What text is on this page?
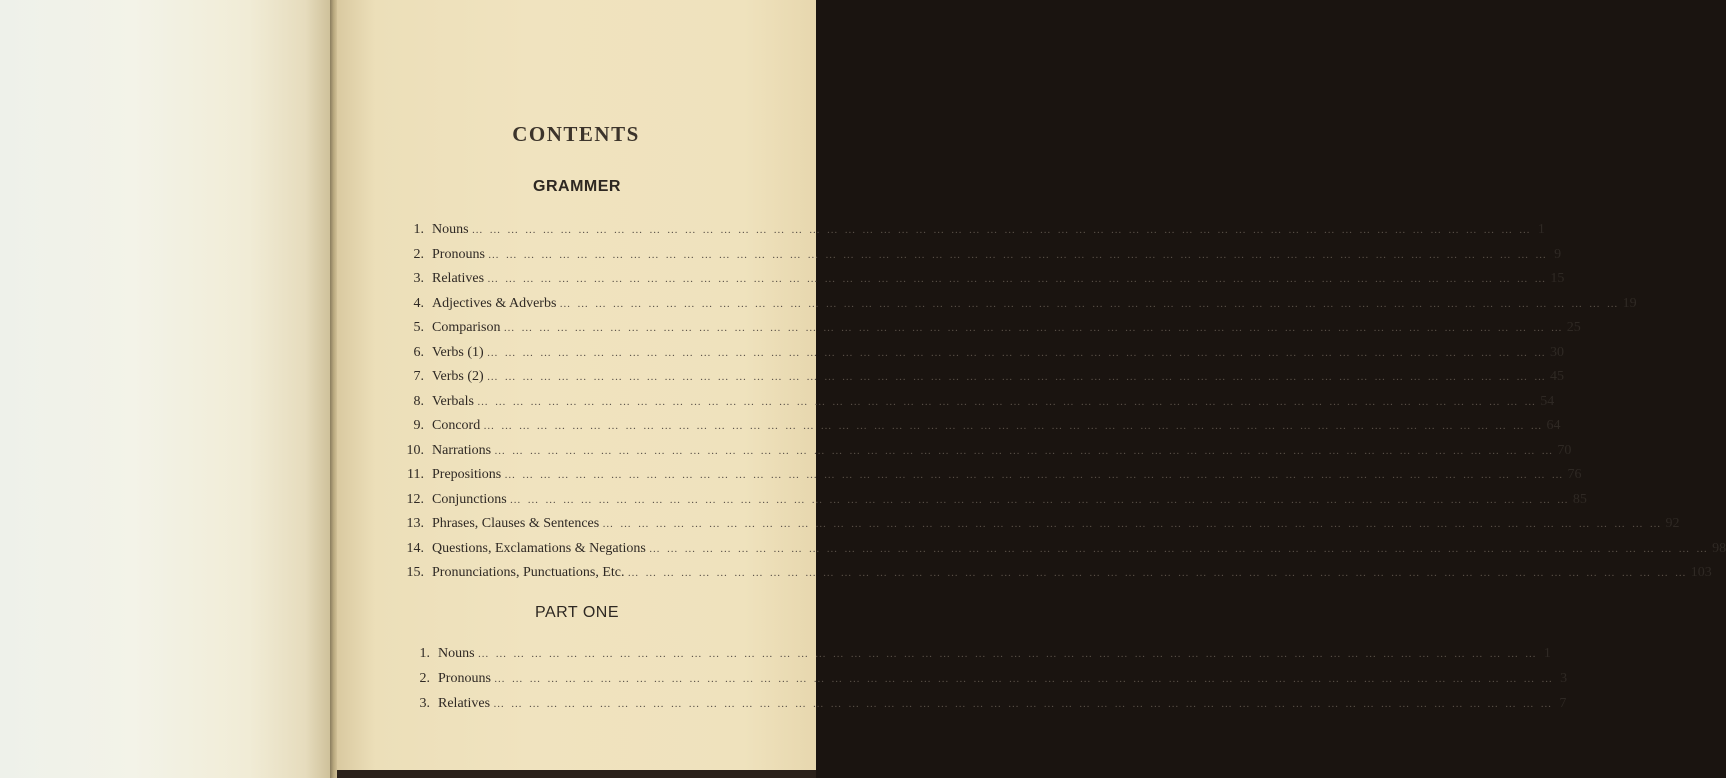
CONTENTS
GRAMMER
1. Nouns … … … … … … … … … … … … … … … … … … … … … … … … … … … … … … … … … … … … … … … … … … … … … … … … … … … … … … … … … … … … 1
2. Pronouns … … … … … … … … … … … … … … … … … … … … … … … … … … … … … … … … … … … … … … … … … … … … … … … … … … … … … … … … … … … … 9
3. Relatives … … … … … … … … … … … … … … … … … … … … … … … … … … … … … … … … … … … … … … … … … … … … … … … … … … … … … … … … … … … … 15
4. Adjectives & Adverbs … … … … … … … … … … … … … … … … … … … … … … … … … … … … … … … … … … … … … … … … … … … … … … … … … … … … … … … … … … … … 19
5. Comparison … … … … … … … … … … … … … … … … … … … … … … … … … … … … … … … … … … … … … … … … … … … … … … … … … … … … … … … … … … … … 25
6. Verbs (1) … … … … … … … … … … … … … … … … … … … … … … … … … … … … … … … … … … … … … … … … … … … … … … … … … … … … … … … … … … … … 30
7. Verbs (2) … … … … … … … … … … … … … … … … … … … … … … … … … … … … … … … … … … … … … … … … … … … … … … … … … … … … … … … … … … … … 45
8. Verbals … … … … … … … … … … … … … … … … … … … … … … … … … … … … … … … … … … … … … … … … … … … … … … … … … … … … … … … … … … … … 54
9. Concord … … … … … … … … … … … … … … … … … … … … … … … … … … … … … … … … … … … … … … … … … … … … … … … … … … … … … … … … … … … … 64
10. Narrations … … … … … … … … … … … … … … … … … … … … … … … … … … … … … … … … … … … … … … … … … … … … … … … … … … … … … … … … … … … … 70
11. Prepositions … … … … … … … … … … … … … … … … … … … … … … … … … … … … … … … … … … … … … … … … … … … … … … … … … … … … … … … … … … … … 76
12. Conjunctions … … … … … … … … … … … … … … … … … … … … … … … … … … … … … … … … … … … … … … … … … … … … … … … … … … … … … … … … … … … … 85
13. Phrases, Clauses & Sentences … … … … … … … … … … … … … … … … … … … … … … … … … … … … … … … … … … … … … … … … … … … … … … … … … … … … … … … … … … … … 92
14. Questions, Exclamations & Negations … … … … … … … … … … … … … … … … … … … … … … … … … … … … … … … … … … … … … … … … … … … … … … … … … … … … … … … … … … … … 98
15. Pronunciations, Punctuations, Etc. … … … … … … … … … … … … … … … … … … … … … … … … … … … … … … … … … … … … … … … … … … … … … … … … … … … … … … … … … … … … 103
PART ONE
1. Nouns … … … … … … … … … … … … … … … … … … … … … … … … … … … … … … … … … … … … … … … … … … … … … … … … … … … … … … … … … … … … 1
2. Pronouns … … … … … … … … … … … … … … … … … … … … … … … … … … … … … … … … … … … … … … … … … … … … … … … … … … … … … … … … … … … … 3
3. Relatives … … … … … … … … … … … … … … … … … … … … … … … … … … … … … … … … … … … … … … … … … … … … … … … … … … … … … … … … … … … … 7
